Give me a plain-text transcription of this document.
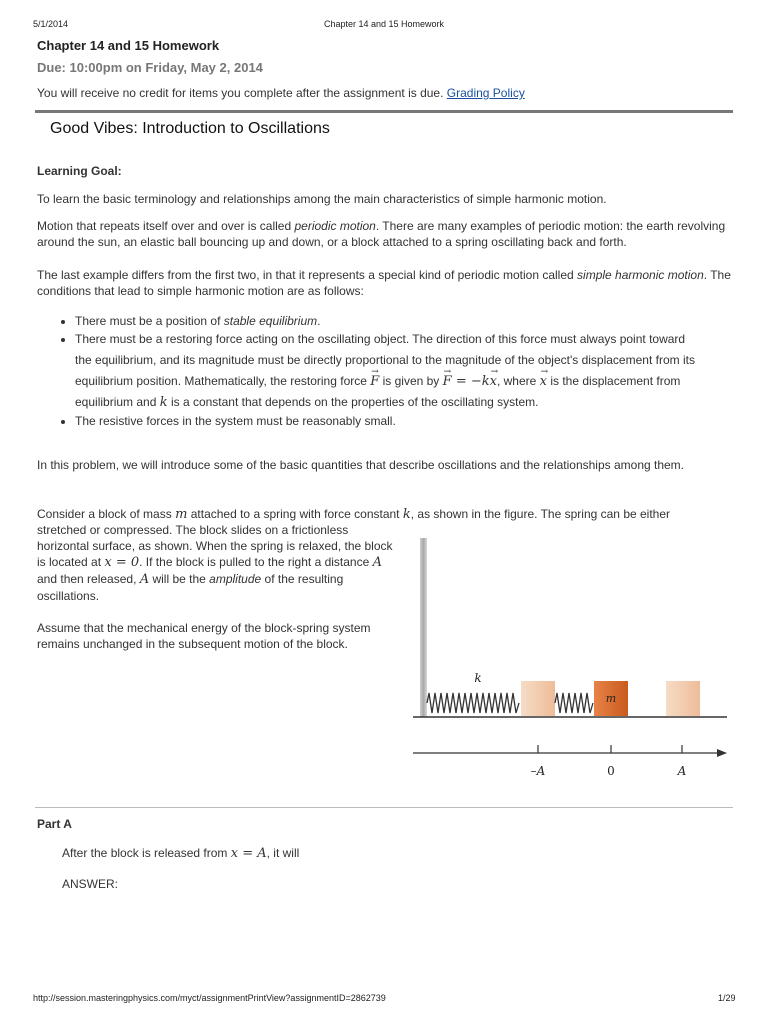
5/1/2014	Chapter 14 and 15 Homework
Chapter 14 and 15 Homework
Due: 10:00pm on Friday, May 2, 2014
You will receive no credit for items you complete after the assignment is due. Grading Policy
Good Vibes: Introduction to Oscillations
Learning Goal:

To learn the basic terminology and relationships among the main characteristics of simple harmonic motion.

Motion that repeats itself over and over is called periodic motion. There are many examples of periodic motion: the earth revolving around the sun, an elastic ball bouncing up and down, or a block attached to a spring oscillating back and forth.

The last example differs from the first two, in that it represents a special kind of periodic motion called simple harmonic motion. The conditions that lead to simple harmonic motion are as follows:

• There must be a position of stable equilibrium.
• There must be a restoring force acting on the oscillating object. The direction of this force must always point toward the equilibrium, and its magnitude must be directly proportional to the magnitude of the object's displacement from its equilibrium position. Mathematically, the restoring force → F is given by → F = −k→ x, where → x is the displacement from equilibrium and k is a constant that depends on the properties of the oscillating system.
• The resistive forces in the system must be reasonably small.

In this problem, we will introduce some of the basic quantities that describe oscillations and the relationships among them.

Consider a block of mass m attached to a spring with force constant k, as shown in the figure. The spring can be either

stretched or compressed. The block slides on a frictionless horizontal surface, as shown. When the spring is relaxed, the block is located at x = 0. If the block is pulled to the right a distance A and then released, A will be the amplitude of the resulting oscillations.

Assume that the mechanical energy of the block-spring system remains unchanged in the subsequent motion of the block.

m
k
–A	0	A
Part A
After the block is released from x = A, it will
ANSWER:
http://session.masteringphysics.com/myct/assignmentPrintView?assignmentID=2862739	1/29
